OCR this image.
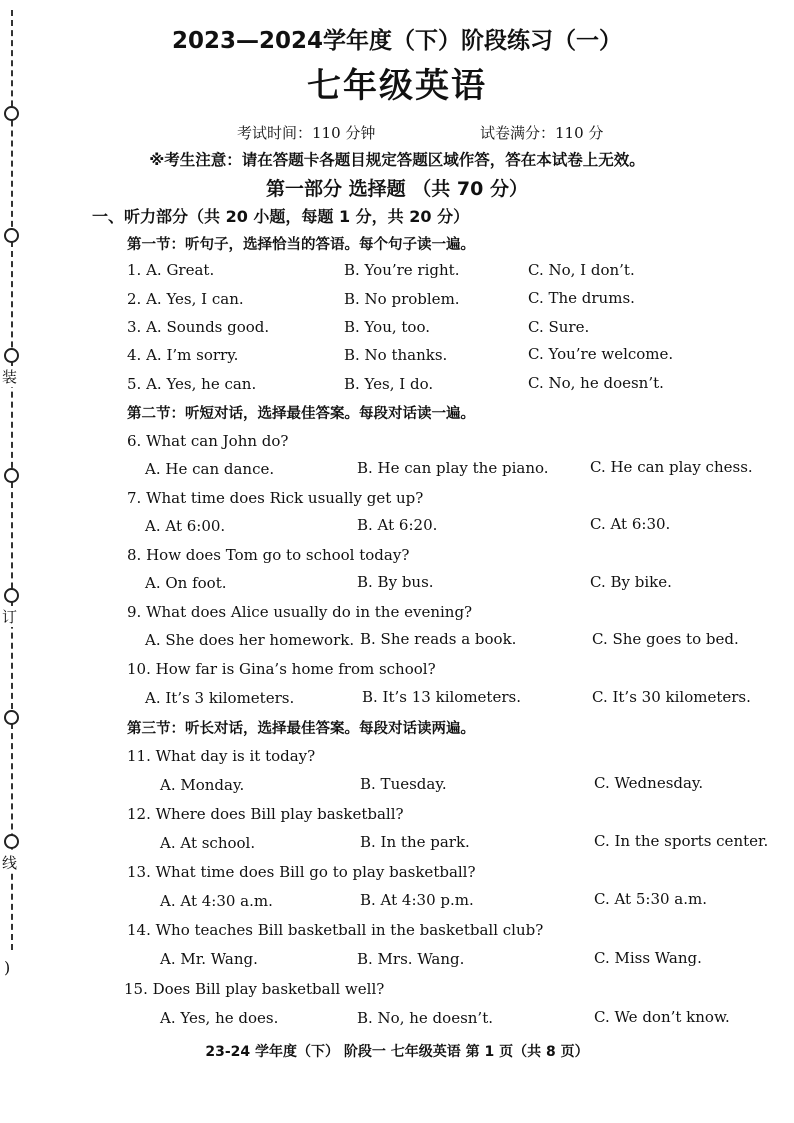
装
订
线
)
2023—2024学年度（下）阶段练习（一）
七年级英语
考试时间：110 分钟	试卷满分：110 分
※考生注意：请在答题卡各题目规定答题区域作答，答在本试卷上无效。
第一部分 选择题 （共 70 分）
一、听力部分（共 20 小题，每题 1 分，共 20 分）
第一节：听句子，选择恰当的答语。每个句子读一遍。
1. A. Great.	B. You’re right.	C. No, I don’t.
2. A. Yes, I can.	B. No problem.	C. The drums.
3. A. Sounds good.	B. You, too.	C. Sure.
4. A. I’m sorry.	B. No thanks.	C. You’re welcome.
5. A. Yes, he can.	B. Yes, I do.	C. No, he doesn’t.
第二节：听短对话，选择最佳答案。每段对话读一遍。
6. What can John do?
A. He can dance.	B. He can play the piano.	C. He can play chess.
7. What time does Rick usually get up?
A. At 6:00.	B. At 6:20.	C. At 6:30.
8. How does Tom go to school today?
A. On foot.	B. By bus.	C. By bike.
9. What does Alice usually do in the evening?
A. She does her homework. B. She reads a book.	C. She goes to bed.
10. How far is Gina’s home from school?
A. It’s 3 kilometers.	B. It’s 13 kilometers.	C. It’s 30 kilometers.
第三节：听长对话，选择最佳答案。每段对话读两遍。
11. What day is it today?
A. Monday.	B. Tuesday.	C. Wednesday.
12. Where does Bill play basketball?
A. At school.	B. In the park.	C. In the sports center.
13. What time does Bill go to play basketball?
A. At 4:30 a.m.	B. At 4:30 p.m.	C. At 5:30 a.m.
14. Who teaches Bill basketball in the basketball club?
A. Mr. Wang.	B. Mrs. Wang.	C. Miss Wang.
15. Does Bill play basketball well?
A. Yes, he does.	B. No, he doesn’t.	C. We don’t know.
23-24 学年度（下） 阶段一 七年级英语 第 1 页（共 8 页）
